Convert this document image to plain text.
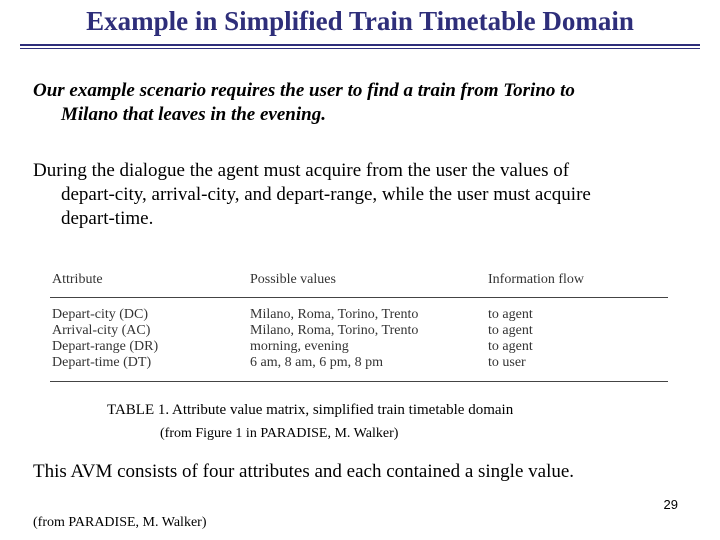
Example in Simplified Train Timetable Domain
Our example scenario requires the user to find a train from Torino to
Milano that leaves in the evening.
During the dialogue the agent must acquire from the user the values of
depart-city, arrival-city, and depart-range, while the user must acquire
depart-time.
Attribute	Possible values	Information flow
Depart-city (DC)	Milano, Roma, Torino, Trento	to agent
Arrival-city (AC)	Milano, Roma, Torino, Trento	to agent
Depart-range (DR)	morning, evening	to agent
Depart-time (DT)	6 am, 8 am, 6 pm, 8 pm	to user
TABLE 1. Attribute value matrix, simplified train timetable domain
(from Figure 1 in PARADISE, M. Walker)
This AVM consists of four attributes and each contained a single value.
29
(from PARADISE, M. Walker)
